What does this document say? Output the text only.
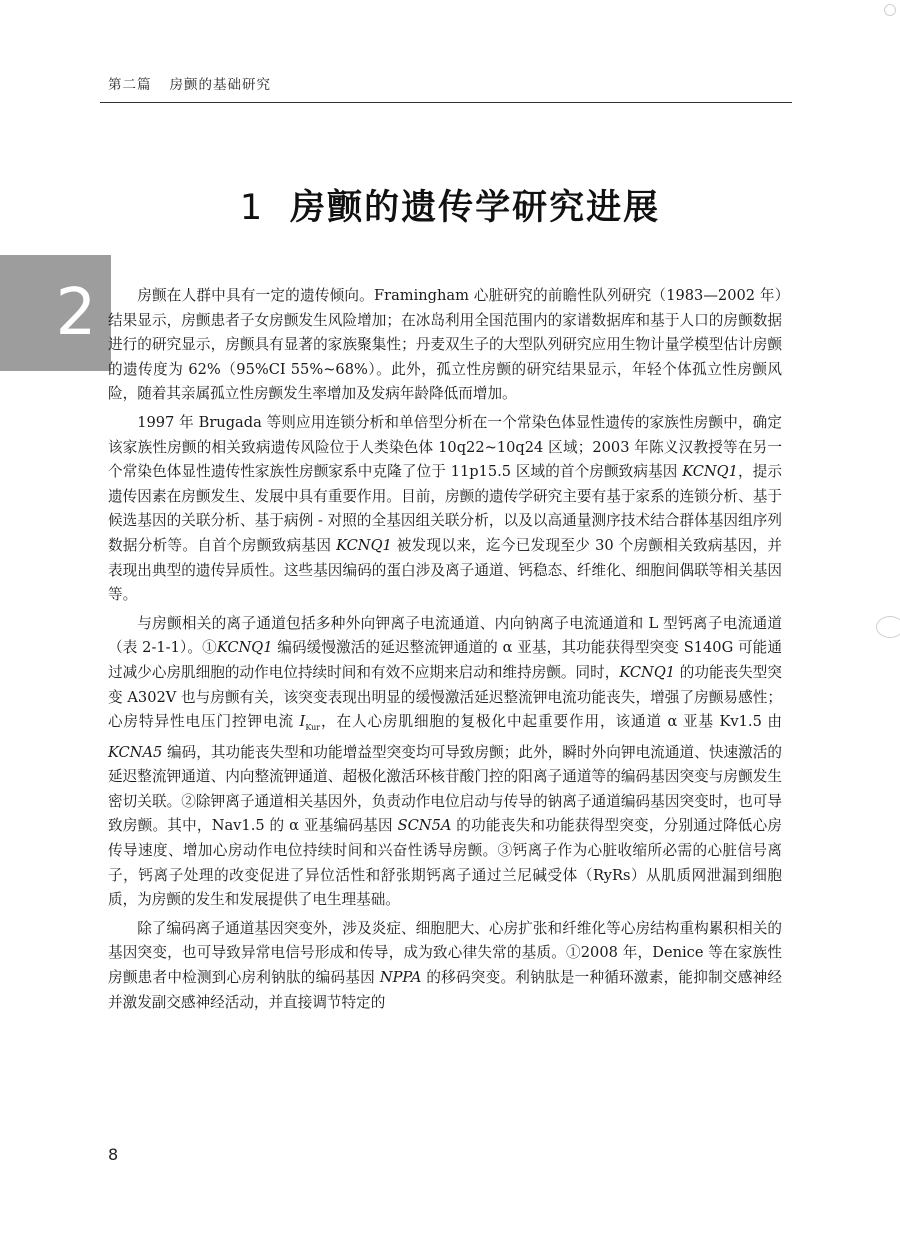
第二篇 房颤的基础研究
1 房颤的遗传学研究进展
2	房颤在人群中具有一定的遗传倾向。Framingham 心脏研究的前瞻性队列研究（1983—2002 年）结果显示，房颤患者子女房颤发生风险增加；在冰岛利用全国范围内的家谱数据库和基于人口的房颤数据进行的研究显示，房颤具有显著的家族聚集性；丹麦双生子的大型队列研究应用生物计量学模型估计房颤的遗传度为 62%（95%CI 55%~68%）。此外，孤立性房颤的研究结果显示，年轻个体孤立性房颤风险，随着其亲属孤立性房颤发生率增加及发病年龄降低而增加。

1997 年 Brugada 等则应用连锁分析和单倍型分析在一个常染色体显性遗传的家族性房颤中，确定该家族性房颤的相关致病遗传风险位于人类染色体 10q22~10q24 区域；2003 年陈义汉教授等在另一个常染色体显性遗传性家族性房颤家系中克隆了位于 11p15.5 区域的首个房颤致病基因 KCNQ1，提示遗传因素在房颤发生、发展中具有重要作用。目前，房颤的遗传学研究主要有基于家系的连锁分析、基于候选基因的关联分析、基于病例 - 对照的全基因组关联分析，以及以高通量测序技术结合群体基因组序列数据分析等。自首个房颤致病基因 KCNQ1 被发现以来，迄今已发现至少 30 个房颤相关致病基因，并表现出典型的遗传异质性。这些基因编码的蛋白涉及离子通道、钙稳态、纤维化、细胞间偶联等相关基因等。

与房颤相关的离子通道包括多种外向钾离子电流通道、内向钠离子电流通道和 L 型钙离子电流通道（表 2-1-1）。①KCNQ1 编码缓慢激活的延迟整流钾通道的 α 亚基，其功能获得型突变 S140G 可能通过减少心房肌细胞的动作电位持续时间和有效不应期来启动和维持房颤。同时，KCNQ1 的功能丧失型突变 A302V 也与房颤有关，该突变表现出明显的缓慢激活延迟整流钾电流功能丧失，增强了房颤易感性；心房特异性电压门控钾电流 $I_{Kur}$，在人心房肌细胞的复极化中起重要作用，该通道 α 亚基 Kv1.5 由 KCNA5 编码，其功能丧失型和功能增益型突变均可导致房颤；此外，瞬时外向钾电流通道、快速激活的延迟整流钾通道、内向整流钾通道、超极化激活环核苷酸门控的阳离子通道等的编码基因突变与房颤发生密切关联。②除钾离子通道相关基因外，负责动作电位启动与传导的钠离子通道编码基因突变时，也可导致房颤。其中，Nav1.5 的 α 亚基编码基因 SCN5A 的功能丧失和功能获得型突变，分别通过降低心房传导速度、增加心房动作电位持续时间和兴奋性诱导房颤。③钙离子作为心脏收缩所必需的心脏信号离子，钙离子处理的改变促进了异位活性和舒张期钙离子通过兰尼碱受体（RyRs）从肌质网泄漏到细胞质，为房颤的发生和发展提供了电生理基础。

除了编码离子通道基因突变外，涉及炎症、细胞肥大、心房扩张和纤维化等心房结构重构累积相关的基因突变，也可导致异常电信号形成和传导，成为致心律失常的基质。①2008 年，Denice 等在家族性房颤患者中检测到心房利钠肽的编码基因 NPPA 的移码突变。利钠肽是一种循环激素，能抑制交感神经并激发副交感神经活动，并直接调节特定的

8
